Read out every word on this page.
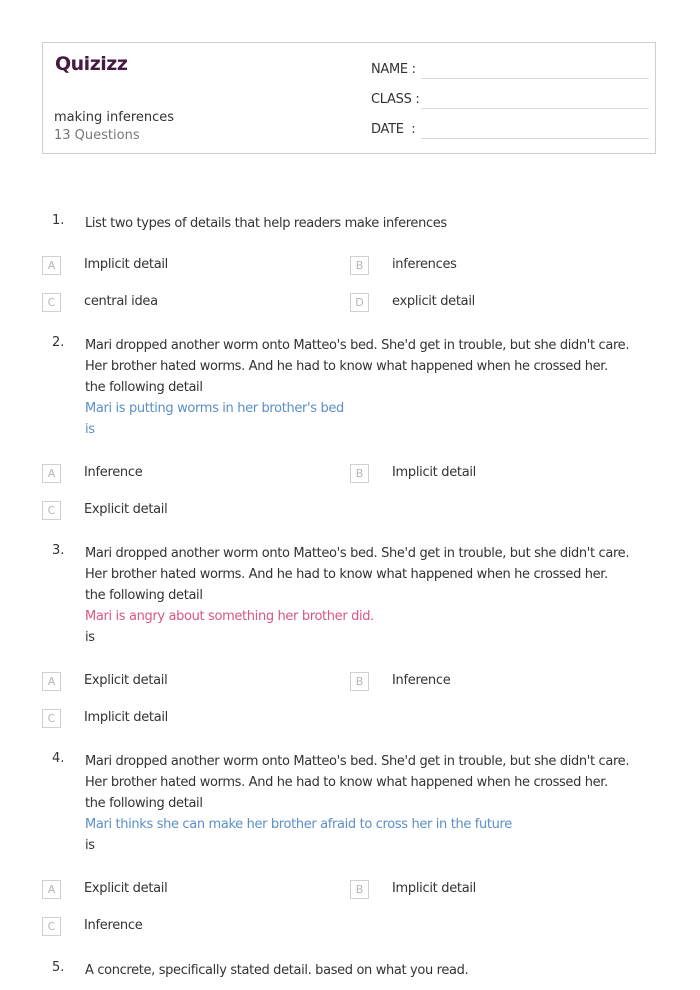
Quizizz
making inferences
13 Questions
NAME :
CLASS :
DATE  :
1. List two types of details that help readers make inferences
A	Implicit detail	B	inferences
C	central idea	D	explicit detail
2. Mari dropped another worm onto Matteo's bed. She'd get in trouble, but she didn't care.
Her brother hated worms. And he had to know what happened when he crossed her.
the following detail
Mari is putting worms in her brother's bed
is
A	Inference	B	Implicit detail
C	Explicit detail
3. Mari dropped another worm onto Matteo's bed. She'd get in trouble, but she didn't care.
Her brother hated worms. And he had to know what happened when he crossed her.
the following detail
Mari is angry about something her brother did.
is
A	Explicit detail	B	Inference
C	Implicit detail
4. Mari dropped another worm onto Matteo's bed. She'd get in trouble, but she didn't care.
Her brother hated worms. And he had to know what happened when he crossed her.
the following detail
Mari thinks she can make her brother afraid to cross her in the future
is
A	Explicit detail	B	Implicit detail
C	Inference
5. A concrete, specifically stated detail. based on what you read.
